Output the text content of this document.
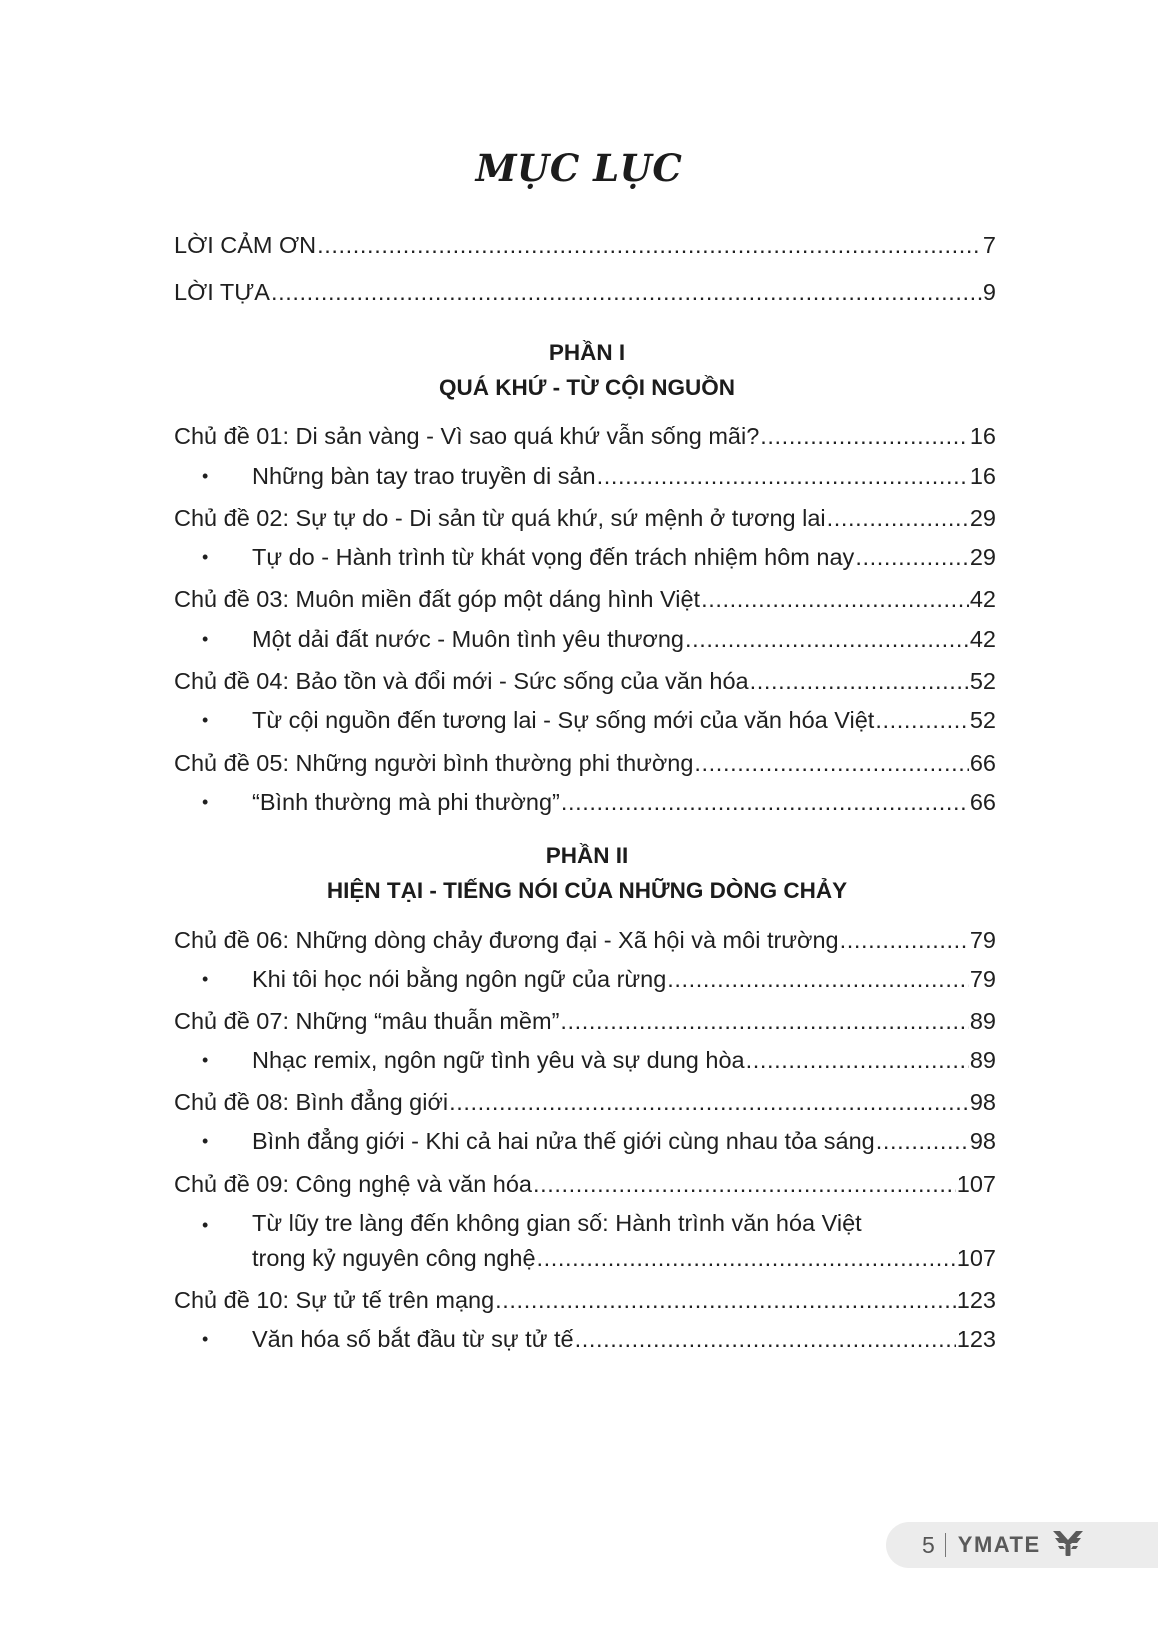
MỤC LỤC
LỜI CẢM ƠN .....	7
LỜI TỰA .....	9
PHẦN I
QUÁ KHỨ - TỪ CỘI NGUỒN
Chủ đề 01: Di sản vàng - Vì sao quá khứ vẫn sống mãi? .....	16
•	Những bàn tay trao truyền di sản .....	16
Chủ đề 02: Sự tự do - Di sản từ quá khứ, sứ mệnh ở tương lai .....	29
•	Tự do - Hành trình từ khát vọng đến trách nhiệm hôm nay .....	29
Chủ đề 03: Muôn miền đất góp một dáng hình Việt .....	42
•	Một dải đất nước - Muôn tình yêu thương .....	42
Chủ đề 04: Bảo tồn và đổi mới - Sức sống của văn hóa .....	52
•	Từ cội nguồn đến tương lai - Sự sống mới của văn hóa Việt .....	52
Chủ đề 05: Những người bình thường phi thường .....	66
•	“Bình thường mà phi thường” .....	66
PHẦN II
HIỆN TẠI - TIẾNG NÓI CỦA NHỮNG DÒNG CHẢY
Chủ đề 06: Những dòng chảy đương đại - Xã hội và môi trường .....	79
•	Khi tôi học nói bằng ngôn ngữ của rừng .....	79
Chủ đề 07: Những “mâu thuẫn mềm” .....	89
•	Nhạc remix, ngôn ngữ tình yêu và sự dung hòa .....	89
Chủ đề 08: Bình đẳng giới .....	98
•	Bình đẳng giới - Khi cả hai nửa thế giới cùng nhau tỏa sáng .....	98
Chủ đề 09: Công nghệ và văn hóa .....	107
• Từ lũy tre làng đến không gian số: Hành trình văn hóa Việt
trong kỷ nguyên công nghệ .....	107
Chủ đề 10: Sự tử tế trên mạng .....	123
•	Văn hóa số bắt đầu từ sự tử tế .....	123
5 YMATE
